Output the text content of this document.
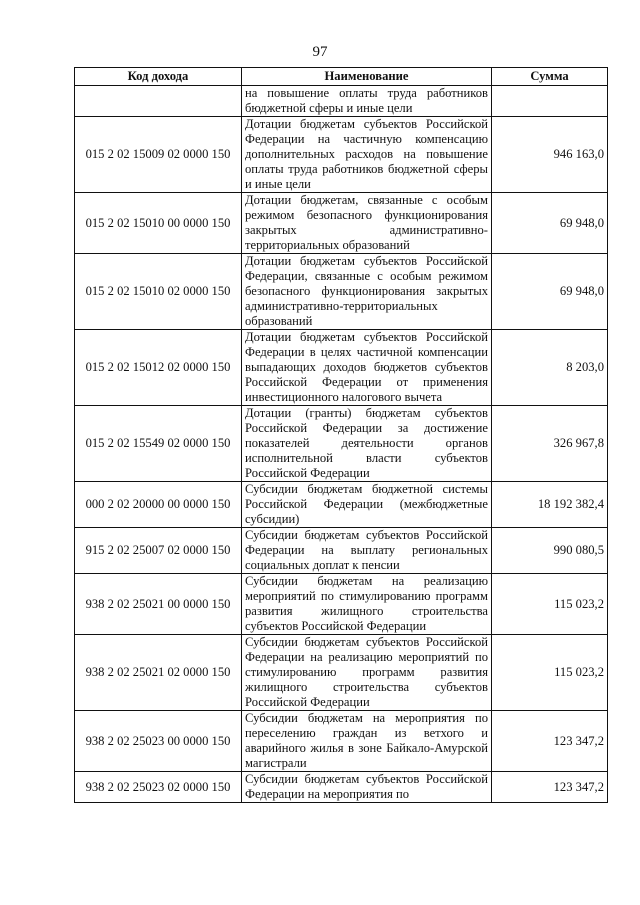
97
Код дохода	Наименование	Сумма
	на повышение оплаты труда работников бюджетной сферы и иные цели	
015 2 02 15009 02 0000 150	Дотации бюджетам субъектов Российской Федерации на частичную компенсацию дополнительных расходов на повышение оплаты труда работников бюджетной сферы и иные цели	946 163,0
015 2 02 15010 00 0000 150	Дотации бюджетам, связанные с особым режимом безопасного функционирования закрытых административно-территориальных образований	69 948,0
015 2 02 15010 02 0000 150	Дотации бюджетам субъектов Российской Федерации, связанные с особым режимом безопасного функционирования закрытых административно-территориальных образований	69 948,0
015 2 02 15012 02 0000 150	Дотации бюджетам субъектов Российской Федерации в целях частичной компенсации выпадающих доходов бюджетов субъектов Российской Федерации от применения инвестиционного налогового вычета	8 203,0
015 2 02 15549 02 0000 150	Дотации (гранты) бюджетам субъектов Российской Федерации за достижение показателей деятельности органов исполнительной власти субъектов Российской Федерации	326 967,8
000 2 02 20000 00 0000 150	Субсидии бюджетам бюджетной системы Российской Федерации (межбюджетные субсидии)	18 192 382,4
915 2 02 25007 02 0000 150	Субсидии бюджетам субъектов Российской Федерации на выплату региональных социальных доплат к пенсии	990 080,5
938 2 02 25021 00 0000 150	Субсидии бюджетам на реализацию мероприятий по стимулированию программ развития жилищного строительства субъектов Российской Федерации	115 023,2
938 2 02 25021 02 0000 150	Субсидии бюджетам субъектов Российской Федерации на реализацию мероприятий по стимулированию программ развития жилищного строительства субъектов Российской Федерации	115 023,2
938 2 02 25023 00 0000 150	Субсидии бюджетам на мероприятия по переселению граждан из ветхого и аварийного жилья в зоне Байкало-Амурской магистрали	123 347,2
938 2 02 25023 02 0000 150	Субсидии бюджетам субъектов Российской Федерации на мероприятия по	123 347,2
